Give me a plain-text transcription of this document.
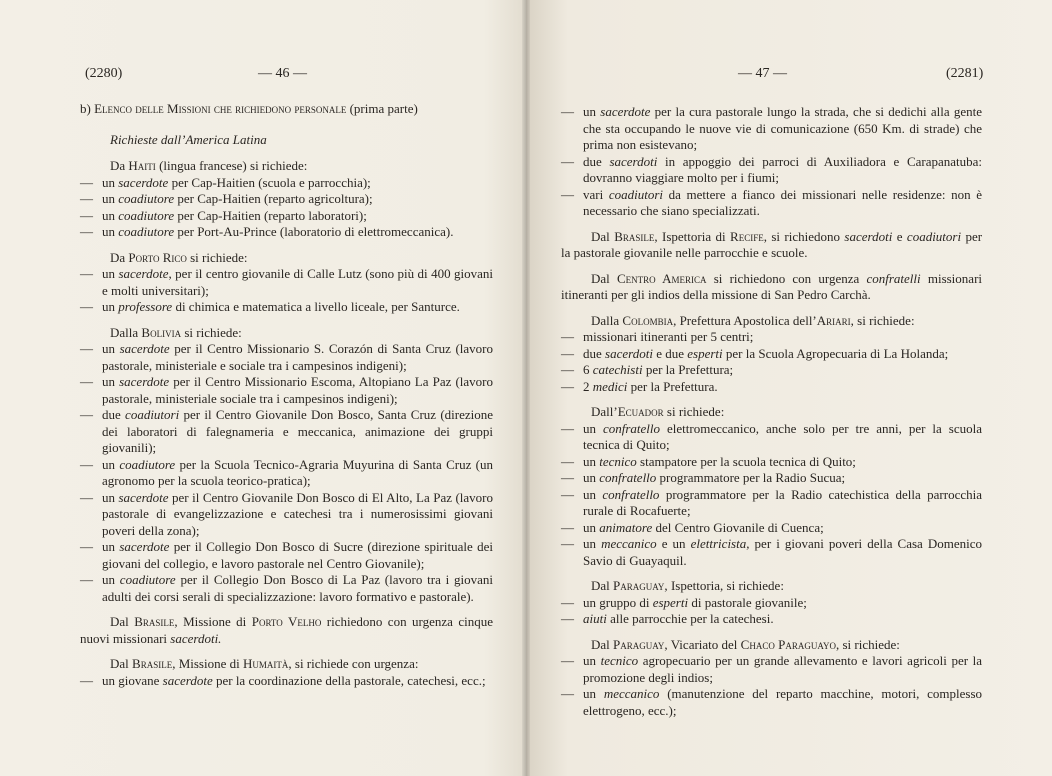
(2280)	— 46 —

b) Elenco delle Missioni che richiedono personale (prima parte)

Richieste dall’America Latina

Da Haiti (lingua francese) si richiede:

— un sacerdote per Cap-Haitien (scuola e parrocchia);
— un coadiutore per Cap-Haitien (reparto agricoltura);
— un coadiutore per Cap-Haitien (reparto laboratori);
— un coadiutore per Port-Au-Prince (laboratorio di elettromeccanica).

Da Porto Rico si richiede:

— un sacerdote, per il centro giovanile di Calle Lutz (sono più di 400 giovani e molti universitari);
— un professore di chimica e matematica a livello liceale, per Santurce.

Dalla Bolivia si richiede:

— un sacerdote per il Centro Missionario S. Corazón di Santa Cruz (lavoro pastorale, ministeriale e sociale tra i campesinos indigeni);
— un sacerdote per il Centro Missionario Escoma, Altopiano La Paz (lavoro pastorale, ministeriale sociale tra i campesinos indigeni);
— due coadiutori per il Centro Giovanile Don Bosco, Santa Cruz (direzione dei laboratori di falegnameria e meccanica, animazione dei gruppi giovanili);
— un coadiutore per la Scuola Tecnico-Agraria Muyurina di Santa Cruz (un agronomo per la scuola teorico-pratica);
— un sacerdote per il Centro Giovanile Don Bosco di El Alto, La Paz (lavoro pastorale di evangelizzazione e catechesi tra i numerosissimi giovani poveri della zona);
— un sacerdote per il Collegio Don Bosco di Sucre (direzione spirituale dei giovani del collegio, e lavoro pastorale nel Centro Giovanile);
— un coadiutore per il Collegio Don Bosco di La Paz (lavoro tra i giovani adulti dei corsi serali di specializzazione: lavoro formativo e pastorale).

Dal Brasile, Missione di Porto Velho richiedono con urgenza cinque nuovi missionari sacerdoti.

Dal Brasile, Missione di Humaità, si richiede con urgenza:

— un giovane sacerdote per la coordinazione della pastorale, catechesi, ecc.;
— 47 —	(2281)
— un sacerdote per la cura pastorale lungo la strada, che si dedichi alla gente che sta occupando le nuove vie di comunicazione (650 Km. di strade) che prima non esistevano;
— due sacerdoti in appoggio dei parroci di Auxiliadora e Carapanatuba: dovranno viaggiare molto per i fiumi;
— vari coadiutori da mettere a fianco dei missionari nelle residenze: non è necessario che siano specializzati.

Dal Brasile, Ispettoria di Recife, si richiedono sacerdoti e coadiutori per la pastorale giovanile nelle parrocchie e scuole.

Dal Centro America si richiedono con urgenza confratelli missionari itineranti per gli indios della missione di San Pedro Carchà.

Dalla Colombia, Prefettura Apostolica dell’Ariari, si richiede:

— missionari itineranti per 5 centri;
— due sacerdoti e due esperti per la Scuola Agropecuaria di La Holanda;
— 6 catechisti per la Prefettura;
— 2 medici per la Prefettura.

Dall’Ecuador si richiede:

— un confratello elettromeccanico, anche solo per tre anni, per la scuola tecnica di Quito;
— un tecnico stampatore per la scuola tecnica di Quito;
— un confratello programmatore per la Radio Sucua;
— un confratello programmatore per la Radio catechistica della parrocchia rurale di Rocafuerte;
— un animatore del Centro Giovanile di Cuenca;
— un meccanico e un elettricista, per i giovani poveri della Casa Domenico Savio di Guayaquil.

Dal Paraguay, Ispettoria, si richiede:

— un gruppo di esperti di pastorale giovanile;
— aiuti alle parrocchie per la catechesi.

Dal Paraguay, Vicariato del Chaco Paraguayo, si richiede:

— un tecnico agropecuario per un grande allevamento e lavori agricoli per la promozione degli indios;
— un meccanico (manutenzione del reparto macchine, motori, complesso elettrogeno, ecc.);
